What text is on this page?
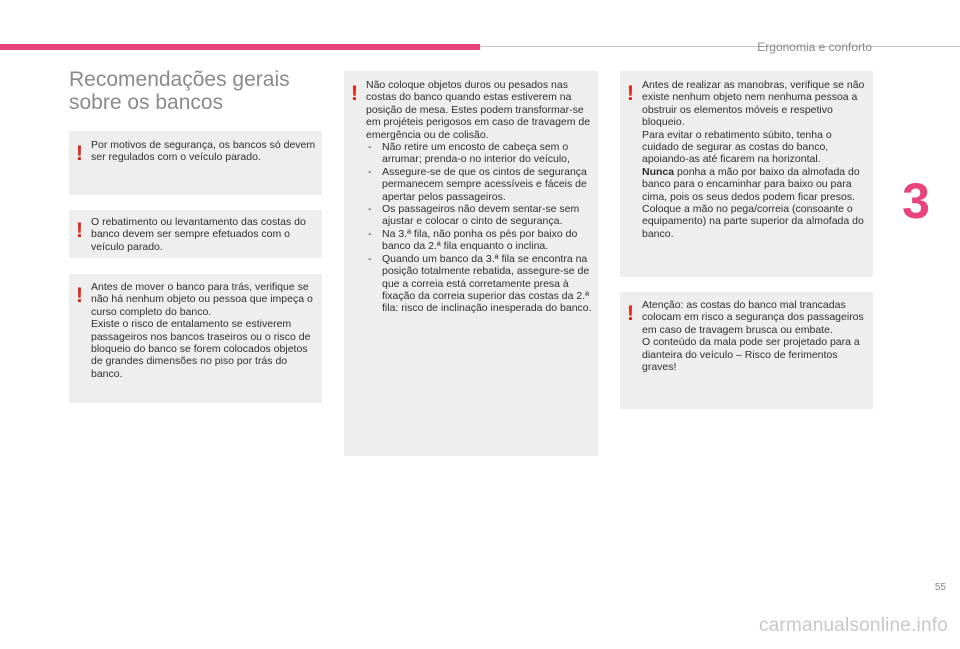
Ergonomia e conforto
3
Recomendações gerais sobre os bancos
! Por motivos de segurança, os bancos só devem ser regulados com o veículo parado.

! O rebatimento ou levantamento das costas do banco devem ser sempre efetuados com o veículo parado.

! Antes de mover o banco para trás, verifique se não há nenhum objeto ou pessoa que impeça o curso completo do banco.

Existe o risco de entalamento se estiverem passageiros nos bancos traseiros ou o risco de bloqueio do banco se forem colocados objetos de grandes dimensões no piso por trás do banco.

! Não coloque objetos duros ou pesados nas costas do banco quando estas estiverem na posição de mesa. Estes podem transformar-se em projéteis perigosos em caso de travagem de emergência ou de colisão.

- Não retire um encosto de cabeça sem o arrumar; prenda-o no interior do veículo,
- Assegure-se de que os cintos de segurança permanecem sempre acessíveis e fáceis de apertar pelos passageiros.
- Os passageiros não devem sentar-se sem ajustar e colocar o cinto de segurança.
- Na 3.ª fila, não ponha os pés por baixo do banco da 2.ª fila enquanto o inclina.
- Quando um banco da 3.ª fila se encontra na posição totalmente rebatida, assegure-se de que a correia está corretamente presa à fixação da correia superior das costas da 2.ª fila: risco de inclinação inesperada do banco.
! Antes de realizar as manobras, verifique se não existe nenhum objeto nem nenhuma pessoa a obstruir os elementos móveis e respetivo bloqueio.

Para evitar o rebatimento súbito, tenha o cuidado de segurar as costas do banco, apoiando-as até ficarem na horizontal.

Nunca ponha a mão por baixo da almofada do banco para o encaminhar para baixo ou para cima, pois os seus dedos podem ficar presos. Coloque a mão no pega/correia (consoante o equipamento) na parte superior da almofada do banco.

! Atenção: as costas do banco mal trancadas colocam em risco a segurança dos passageiros em caso de travagem brusca ou embate.

O conteúdo da mala pode ser projetado para a dianteira do veículo – Risco de ferimentos graves!

55
carmanualsonline.info
